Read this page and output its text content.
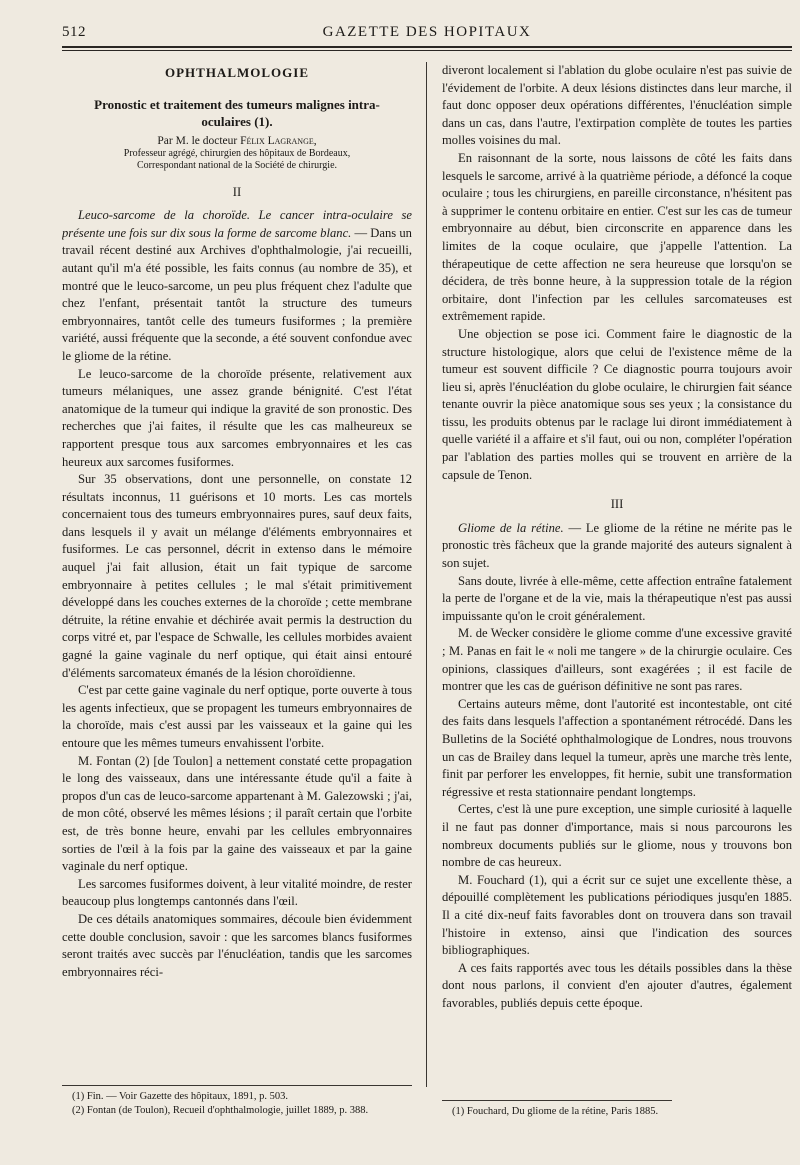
512	GAZETTE DES HOPITAUX

OPHTHALMOLOGIE

Pronostic et traitement des tumeurs malignes intra-oculaires (1).

Par M. le docteur Félix Lagrange,

Professeur agrégé, chirurgien des hôpitaux de Bordeaux,

Correspondant national de la Société de chirurgie.

II

Leuco-sarcome de la choroïde. Le cancer intra-oculaire se présente une fois sur dix sous la forme de sarcome blanc. — Dans un travail récent destiné aux Archives d'ophthalmologie, j'ai recueilli, autant qu'il m'a été possible, les faits connus (au nombre de 35), et montré que le leuco-sarcome, un peu plus fréquent chez l'adulte que chez l'enfant, présentait tantôt la structure des tumeurs embryonnaires, tantôt celle des tumeurs fusiformes ; la première variété, aussi fréquente que la seconde, a été souvent confondue avec le gliome de la rétine.

Le leuco-sarcome de la choroïde présente, relativement aux tumeurs mélaniques, une assez grande bénignité. C'est l'état anatomique de la tumeur qui indique la gravité de son pronostic. Des recherches que j'ai faites, il résulte que les cas malheureux se rapportent presque tous aux sarcomes embryonnaires et les cas heureux aux sarcomes fusiformes.

Sur 35 observations, dont une personnelle, on constate 12 résultats inconnus, 11 guérisons et 10 morts. Les cas mortels concernaient tous des tumeurs embryonnaires pures, sauf deux faits, dans lesquels il y avait un mélange d'éléments embryonnaires et fusiformes. Le cas personnel, décrit in extenso dans le mémoire auquel j'ai fait allusion, était un fait typique de sarcome embryonnaire à petites cellules ; le mal s'était primitivement développé dans les couches externes de la choroïde ; cette membrane détruite, la rétine envahie et déchirée avait permis la destruction du corps vitré et, par l'espace de Schwalle, les cellules morbides avaient gagné la gaine vaginale du nerf optique, qui était ainsi entouré d'éléments sarcomateux émanés de la lésion choroïdienne.

C'est par cette gaine vaginale du nerf optique, porte ouverte à tous les agents infectieux, que se propagent les tumeurs embryonnaires de la choroïde, mais c'est aussi par les vaisseaux et la gaine qui les entoure que les mêmes tumeurs envahissent l'orbite.

M. Fontan (2) [de Toulon] a nettement constaté cette propagation le long des vaisseaux, dans une intéressante étude qu'il a faite à propos d'un cas de leuco-sarcome appartenant à M. Galezowski ; j'ai, de mon côté, observé les mêmes lésions ; il paraît certain que l'orbite est, de très bonne heure, envahi par les cellules embryonnaires sorties de l'œil à la fois par la gaine des vaisseaux et par la gaine vaginale du nerf optique.

Les sarcomes fusiformes doivent, à leur vitalité moindre, de rester beaucoup plus longtemps cantonnés dans l'œil.

De ces détails anatomiques sommaires, découle bien évidemment cette double conclusion, savoir : que les sarcomes blancs fusiformes seront traités avec succès par l'énucléation, tandis que les sarcomes embryonnaires réci-

diveront localement si l'ablation du globe oculaire n'est pas suivie de l'évidement de l'orbite. A deux lésions distinctes dans leur marche, il faut donc opposer deux opérations différentes, l'énucléation simple dans un cas, dans l'autre, l'extirpation complète de toutes les parties molles voisines du mal.

En raisonnant de la sorte, nous laissons de côté les faits dans lesquels le sarcome, arrivé à la quatrième période, a défoncé la coque oculaire ; tous les chirurgiens, en pareille circonstance, n'hésitent pas à supprimer le contenu orbitaire en entier. C'est sur les cas de tumeur embryonnaire au début, bien circonscrite en apparence dans les limites de la coque oculaire, que j'appelle l'attention. La thérapeutique de cette affection ne sera heureuse que lorsqu'on se décidera, de très bonne heure, à la suppression totale de la région orbitaire, dont l'infection par les cellules sarcomateuses est extrêmement rapide.

Une objection se pose ici. Comment faire le diagnostic de la structure histologique, alors que celui de l'existence même de la tumeur est souvent difficile ? Ce diagnostic pourra toujours avoir lieu si, après l'énucléation du globe oculaire, le chirurgien fait séance tenante ouvrir la pièce anatomique sous ses yeux ; la consistance du tissu, les produits obtenus par le raclage lui diront immédiatement à quelle variété il a affaire et s'il faut, oui ou non, compléter l'opération par l'ablation des parties molles qui se trouvent en arrière de la capsule de Tenon.

III

Gliome de la rétine. — Le gliome de la rétine ne mérite pas le pronostic très fâcheux que la grande majorité des auteurs signalent à son sujet.

Sans doute, livrée à elle-même, cette affection entraîne fatalement la perte de l'organe et de la vie, mais la thérapeutique n'est pas aussi impuissante qu'on le croit généralement.

M. de Wecker considère le gliome comme d'une excessive gravité ; M. Panas en fait le « noli me tangere » de la chirurgie oculaire. Ces opinions, classiques d'ailleurs, sont exagérées ; il est facile de montrer que les cas de guérison définitive ne sont pas rares.

Certains auteurs même, dont l'autorité est incontestable, ont cité des faits dans lesquels l'affection a spontanément rétrocédé. Dans les Bulletins de la Société ophthalmologique de Londres, nous trouvons un cas de Brailey dans lequel la tumeur, après une marche très lente, finit par perforer les enveloppes, fit hernie, subit une transformation régressive et resta stationnaire pendant longtemps.

Certes, c'est là une pure exception, une simple curiosité à laquelle il ne faut pas donner d'importance, mais si nous parcourons les nombreux documents publiés sur le gliome, nous y trouvons bon nombre de cas heureux.

M. Fouchard (1), qui a écrit sur ce sujet une excellente thèse, a dépouillé complètement les publications périodiques jusqu'en 1885. Il a cité dix-neuf faits favorables dont on trouvera dans son travail l'histoire in extenso, ainsi que l'indication des sources bibliographiques.

A ces faits rapportés avec tous les détails possibles dans la thèse dont nous parlons, il convient d'en ajouter d'autres, également favorables, publiés depuis cette époque.

(1) Fin. — Voir Gazette des hôpitaux, 1891, p. 503.

(2) Fontan (de Toulon), Recueil d'ophthalmologie, juillet 1889, p. 388.	(1) Fouchard, Du gliome de la rétine, Paris 1885.
